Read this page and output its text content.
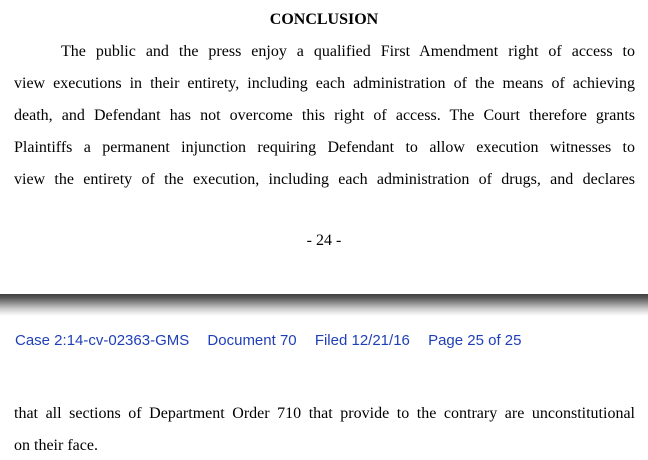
CONCLUSION
The public and the press enjoy a qualified First Amendment right of access to
view executions in their entirety, including each administration of the means of achieving
death, and Defendant has not overcome this right of access. The Court therefore grants
Plaintiffs a permanent injunction requiring Defendant to allow execution witnesses to
view the entirety of the execution, including each administration of drugs, and declares
- 24 -
Case 2:14-cv-02363-GMS Document 70 Filed 12/21/16 Page 25 of 25
that all sections of Department Order 710 that provide to the contrary are unconstitutional
on their face.
